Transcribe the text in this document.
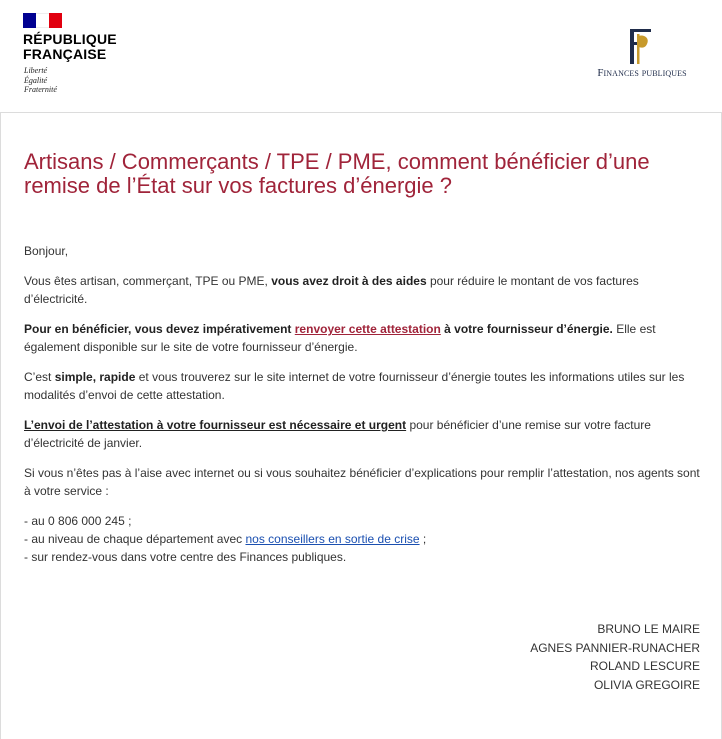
RÉPUBLIQUE
FRANÇAISE
Liberté
Égalité
Fraternité
Finances publiques
Artisans / Commerçants / TPE / PME, comment bénéficier d’une remise de l’État sur vos factures d’énergie ?

Bonjour,

Vous êtes artisan, commerçant, TPE ou PME, vous avez droit à des aides pour réduire le montant de vos factures d’électricité.

Pour en bénéficier, vous devez impérativement renvoyer cette attestation à votre fournisseur d’énergie. Elle est également disponible sur le site de votre fournisseur d’énergie.

C’est simple, rapide et vous trouverez sur le site internet de votre fournisseur d’énergie toutes les informations utiles sur les modalités d’envoi de cette attestation.

L’envoi de l’attestation à votre fournisseur est nécessaire et urgent pour bénéficier d’une remise sur votre facture d’électricité de janvier.

Si vous n’êtes pas à l’aise avec internet ou si vous souhaitez bénéficier d’explications pour remplir l’attestation, nos agents sont à votre service :

- au 0 806 000 245 ;
- au niveau de chaque département avec nos conseillers en sortie de crise ;
- sur rendez-vous dans votre centre des Finances publiques.

BRUNO LE MAIRE
AGNES PANNIER-RUNACHER
ROLAND LESCURE
OLIVIA GREGOIRE
